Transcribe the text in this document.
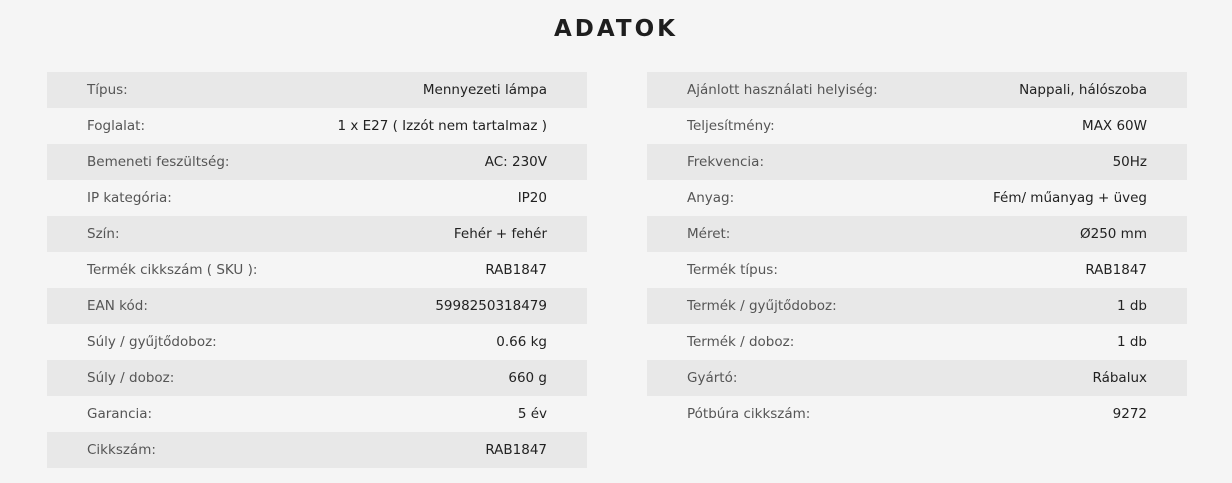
ADATOK
Típus:	Mennyezeti lámpa
Foglalat:	1 x E27 ( Izzót nem tartalmaz )
Bemeneti feszültség:	AC: 230V
IP kategória:	IP20
Szín:	Fehér + fehér
Termék cikkszám ( SKU ):	RAB1847
EAN kód:	5998250318479
Súly / gyűjtődoboz:	0.66 kg
Súly / doboz:	660 g
Garancia:	5 év
Cikkszám:	RAB1847
Ajánlott használati helyiség:	Nappali, hálószoba
Teljesítmény:	MAX 60W
Frekvencia:	50Hz
Anyag:	Fém/ műanyag + üveg
Méret:	Ø250 mm
Termék típus:	RAB1847
Termék / gyűjtődoboz:	1 db
Termék / doboz:	1 db
Gyártó:	Rábalux
Pótbúra cikkszám:	9272
